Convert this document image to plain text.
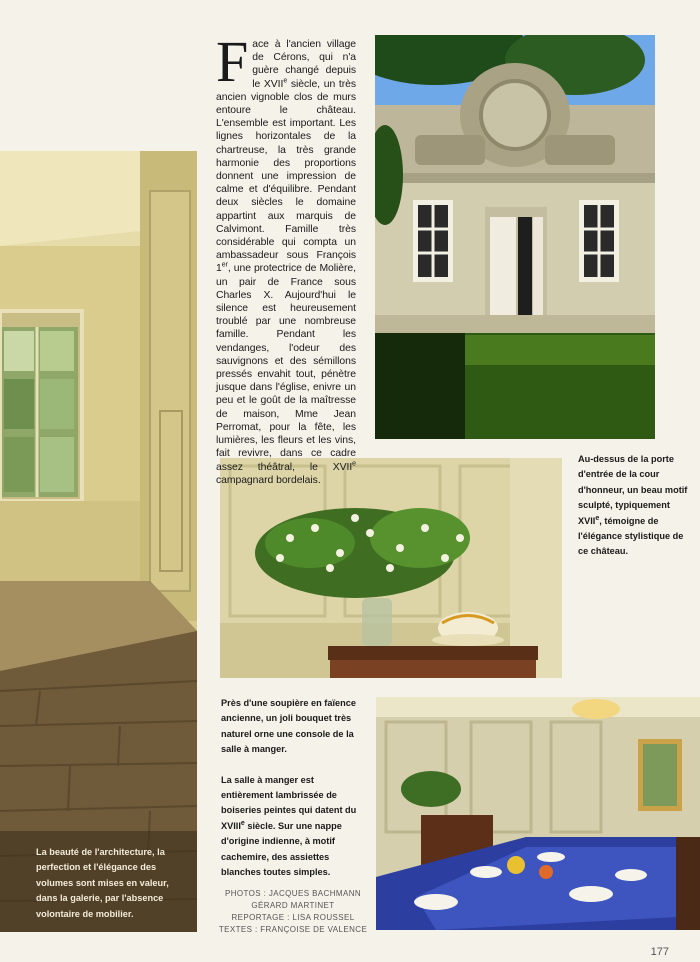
Face à l'ancien village de Cérons, qui n'a guère changé depuis le XVIIe siècle, un très ancien vignoble clos de murs entoure le château. L'ensemble est important. Les lignes horizontales de la chartreuse, la très grande harmonie des proportions donnent une impression de calme et d'équilibre. Pendant deux siècles le domaine appartint aux marquis de Calvimont. Famille très considérable qui compta un ambassadeur sous François 1er, une protectrice de Molière, un pair de France sous Charles X. Aujourd'hui le silence est heureusement troublé par une nombreuse famille. Pendant les vendanges, l'odeur des sauvignons et des sémillons pressés envahit tout, pénètre jusque dans l'église, enivre un peu et le goût de la maîtresse de maison, Mme Jean Perromat, pour la fête, les lumières, les fleurs et les vins, fait revivre, dans ce cadre assez théâtral, le XVIIe campagnard bordelais.
Au-dessus de la porte d'entrée de la cour d'honneur, un beau motif sculpté, typiquement XVIIe, témoigne de l'élégance stylistique de ce château.
Près d'une soupière en faïence ancienne, un joli bouquet très naturel orne une console de la salle à manger.
La salle à manger est entièrement lambrissée de boiseries peintes qui datent du XVIIIe siècle. Sur une nappe d'origine indienne, à motif cachemire, des assiettes blanches toutes simples.
La beauté de l'architecture, la perfection et l'élégance des volumes sont mises en valeur, dans la galerie, par l'absence volontaire de mobilier.
PHOTOS : JACQUES BACHMANN
GÉRARD MARTINET
REPORTAGE : LISA ROUSSEL
TEXTES : FRANÇOISE DE VALENCE
177
